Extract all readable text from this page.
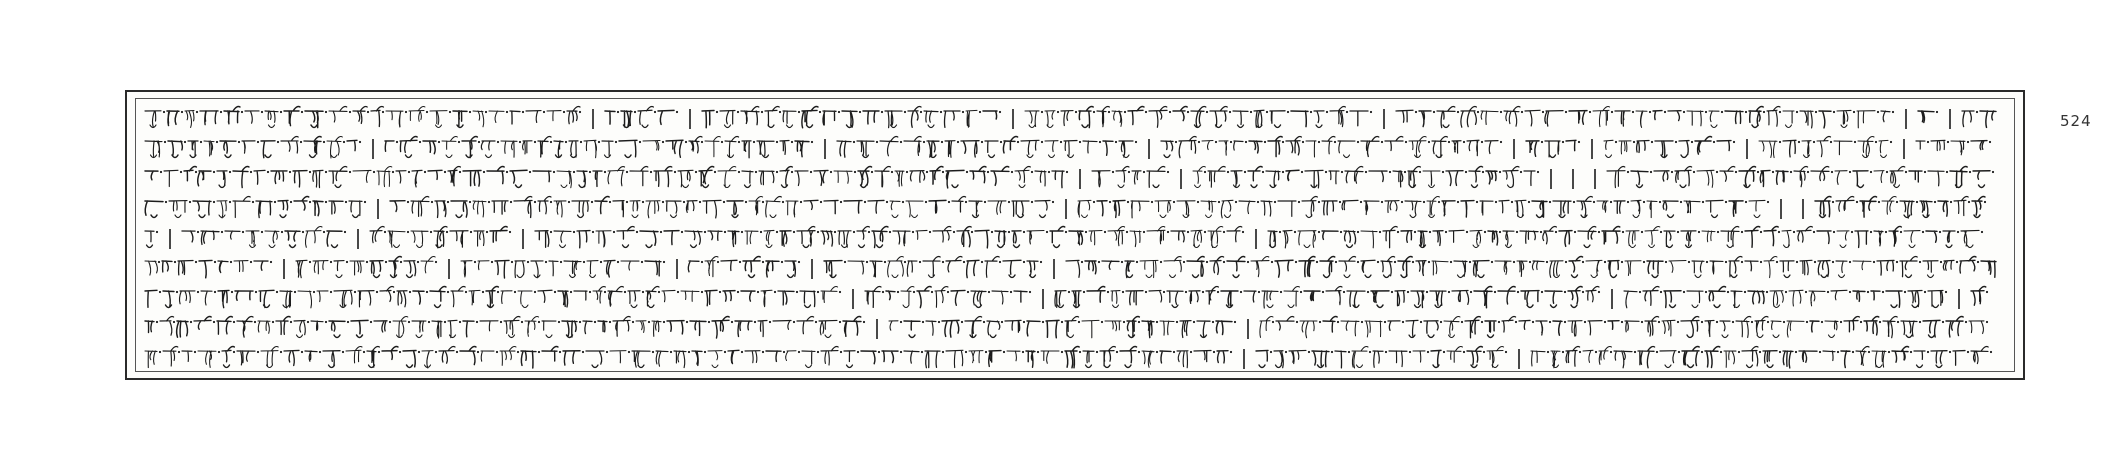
524
